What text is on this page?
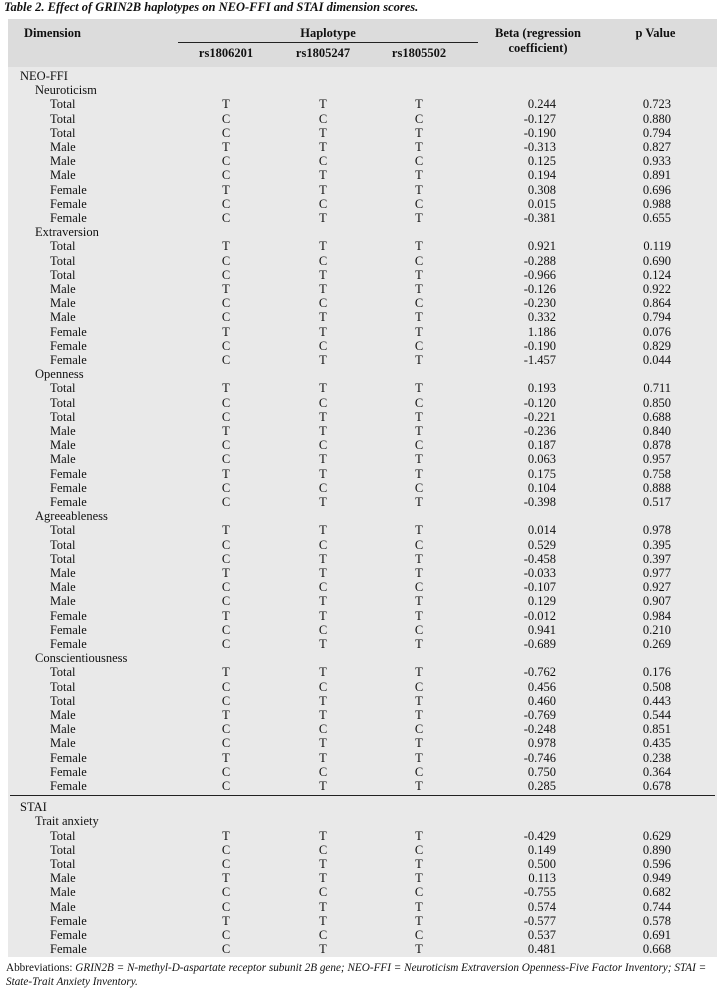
Table 2. Effect of GRIN2B haplotypes on NEO-FFI and STAI dimension scores.
Dimension	Haplotype
rs1806201	rs1805247	rs1805502
Beta (regression
coefficient)
p Value
NEO-FFI
Neuroticism
Total	T	T	T	0.244	0.723
Total	C	C	C	-0.127	0.880
Total	C	T	T	-0.190	0.794
Male	T	T	T	-0.313	0.827
Male	C	C	C	0.125	0.933
Male	C	T	T	0.194	0.891
Female	T	T	T	0.308	0.696
Female	C	C	C	0.015	0.988
Female	C	T	T	-0.381	0.655
Extraversion
Total	T	T	T	0.921	0.119
Total	C	C	C	-0.288	0.690
Total	C	T	T	-0.966	0.124
Male	T	T	T	-0.126	0.922
Male	C	C	C	-0.230	0.864
Male	C	T	T	0.332	0.794
Female	T	T	T	1.186	0.076
Female	C	C	C	-0.190	0.829
Female	C	T	T	-1.457	0.044
Openness
Total	T	T	T	0.193	0.711
Total	C	C	C	-0.120	0.850
Total	C	T	T	-0.221	0.688
Male	T	T	T	-0.236	0.840
Male	C	C	C	0.187	0.878
Male	C	T	T	0.063	0.957
Female	T	T	T	0.175	0.758
Female	C	C	C	0.104	0.888
Female	C	T	T	-0.398	0.517
Agreeableness
Total	T	T	T	0.014	0.978
Total	C	C	C	0.529	0.395
Total	C	T	T	-0.458	0.397
Male	T	T	T	-0.033	0.977
Male	C	C	C	-0.107	0.927
Male	C	T	T	0.129	0.907
Female	T	T	T	-0.012	0.984
Female	C	C	C	0.941	0.210
Female	C	T	T	-0.689	0.269
Conscientiousness
Total	T	T	T	-0.762	0.176
Total	C	C	C	0.456	0.508
Total	C	T	T	0.460	0.443
Male	T	T	T	-0.769	0.544
Male	C	C	C	-0.248	0.851
Male	C	T	T	0.978	0.435
Female	T	T	T	-0.746	0.238
Female	C	C	C	0.750	0.364
Female	C	T	T	0.285	0.678
STAI
Trait anxiety
Total	T	T	T	-0.429	0.629
Total	C	C	C	0.149	0.890
Total	C	T	T	0.500	0.596
Male	T	T	T	0.113	0.949
Male	C	C	C	-0.755	0.682
Male	C	T	T	0.574	0.744
Female	T	T	T	-0.577	0.578
Female	C	C	C	0.537	0.691
Female	C	T	T	0.481	0.668
Abbreviations: GRIN2B = N-methyl-D-aspartate receptor subunit 2B gene; NEO-FFI = Neuroticism Extraversion Openness-Five Factor Inventory; STAI = State-Trait Anxiety Inventory.
